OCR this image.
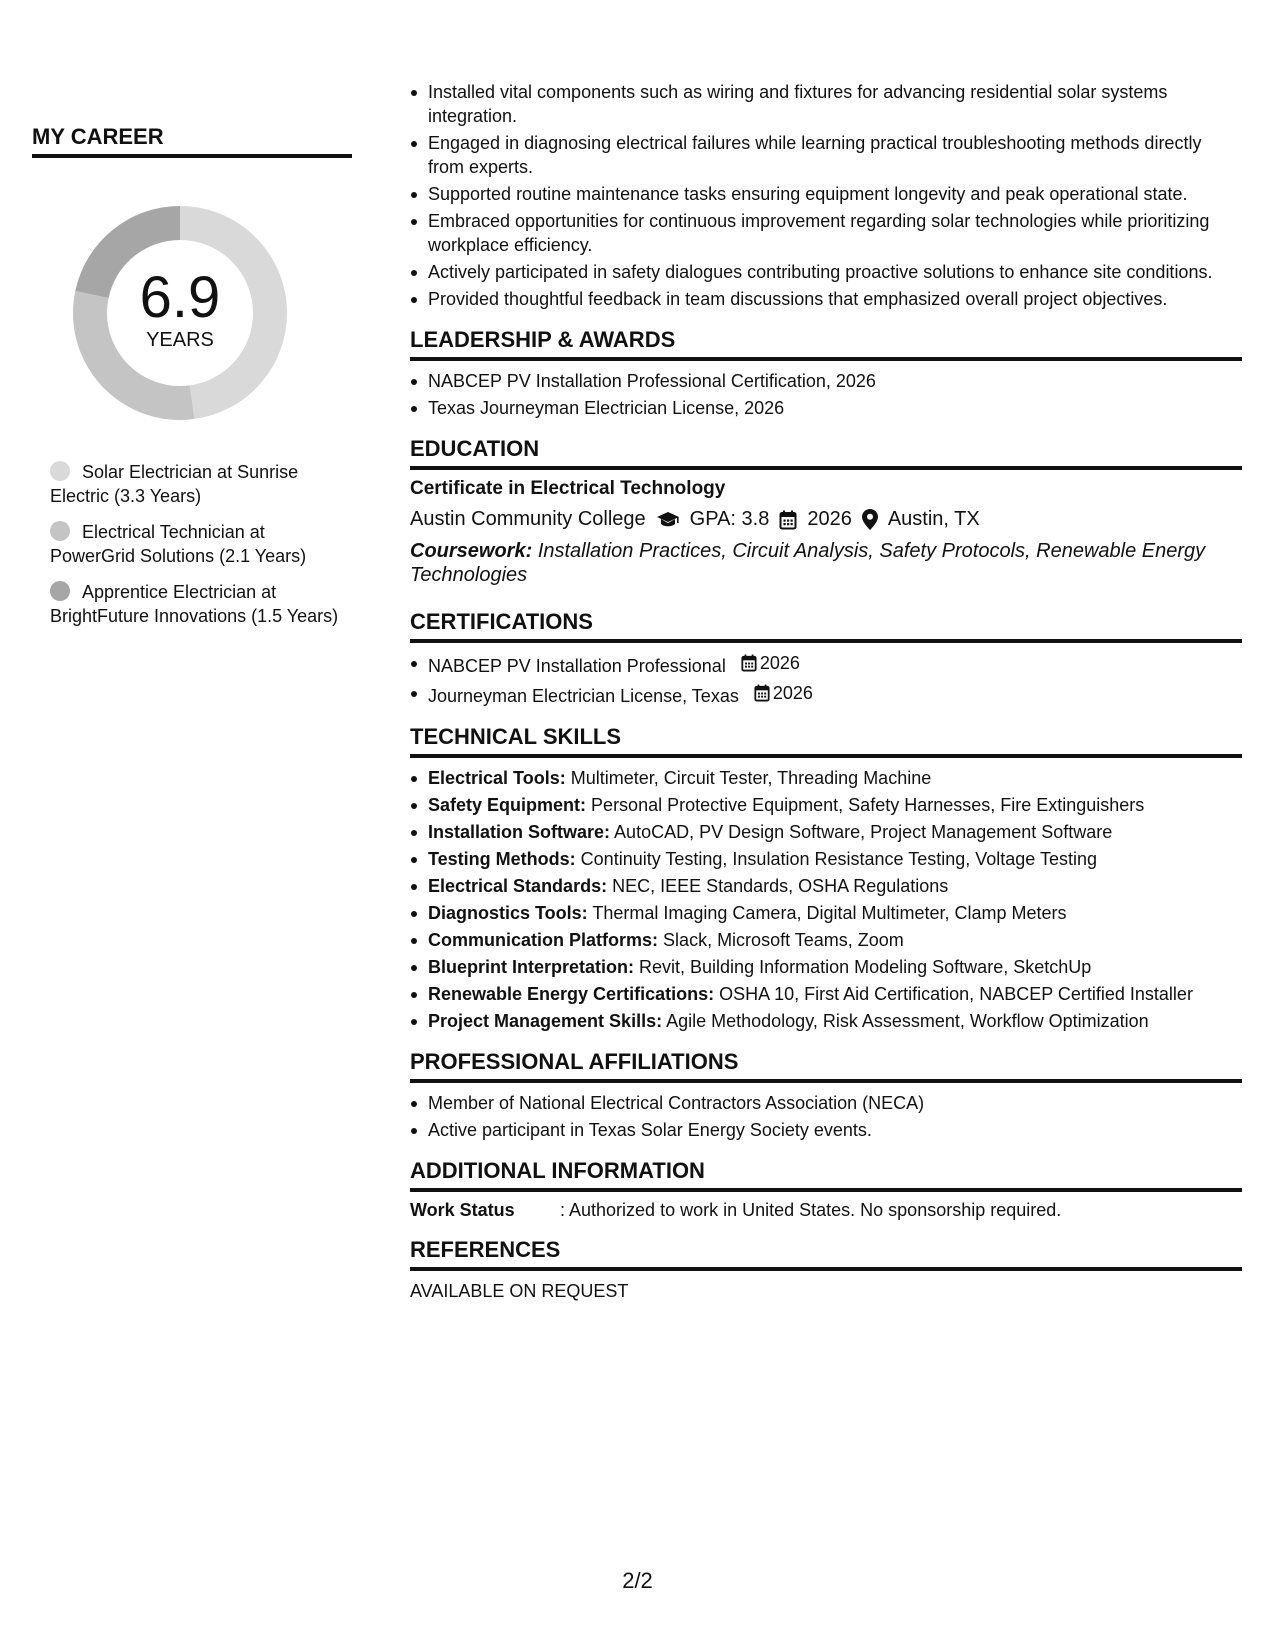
MY CAREER
6.9
YEARS
Solar Electrician at Sunrise Electric (3.3 Years)
Electrical Technician at PowerGrid Solutions (2.1 Years)
Apprentice Electrician at BrightFuture Innovations (1.5 Years)
Installed vital components such as wiring and fixtures for advancing residential solar systems integration.
Engaged in diagnosing electrical failures while learning practical troubleshooting methods directly from experts.
Supported routine maintenance tasks ensuring equipment longevity and peak operational state.
Embraced opportunities for continuous improvement regarding solar technologies while prioritizing workplace efficiency.
Actively participated in safety dialogues contributing proactive solutions to enhance site conditions.
Provided thoughtful feedback in team discussions that emphasized overall project objectives.
LEADERSHIP & AWARDS
NABCEP PV Installation Professional Certification, 2026
Texas Journeyman Electrician License, 2026
EDUCATION
Certificate in Electrical Technology
Austin Community College GPA: 3.8 2026 Austin, TX
Coursework: Installation Practices, Circuit Analysis, Safety Protocols, Renewable Energy Technologies
CERTIFICATIONS
NABCEP PV Installation Professional 2026
Journeyman Electrician License, Texas 2026
TECHNICAL SKILLS
Electrical Tools: Multimeter, Circuit Tester, Threading Machine
Safety Equipment: Personal Protective Equipment, Safety Harnesses, Fire Extinguishers
Installation Software: AutoCAD, PV Design Software, Project Management Software
Testing Methods: Continuity Testing, Insulation Resistance Testing, Voltage Testing
Electrical Standards: NEC, IEEE Standards, OSHA Regulations
Diagnostics Tools: Thermal Imaging Camera, Digital Multimeter, Clamp Meters
Communication Platforms: Slack, Microsoft Teams, Zoom
Blueprint Interpretation: Revit, Building Information Modeling Software, SketchUp
Renewable Energy Certifications: OSHA 10, First Aid Certification, NABCEP Certified Installer
Project Management Skills: Agile Methodology, Risk Assessment, Workflow Optimization
PROFESSIONAL AFFILIATIONS
Member of National Electrical Contractors Association (NECA)
Active participant in Texas Solar Energy Society events.
ADDITIONAL INFORMATION
Work Status	: Authorized to work in United States. No sponsorship required.
REFERENCES
AVAILABLE ON REQUEST
2/2
